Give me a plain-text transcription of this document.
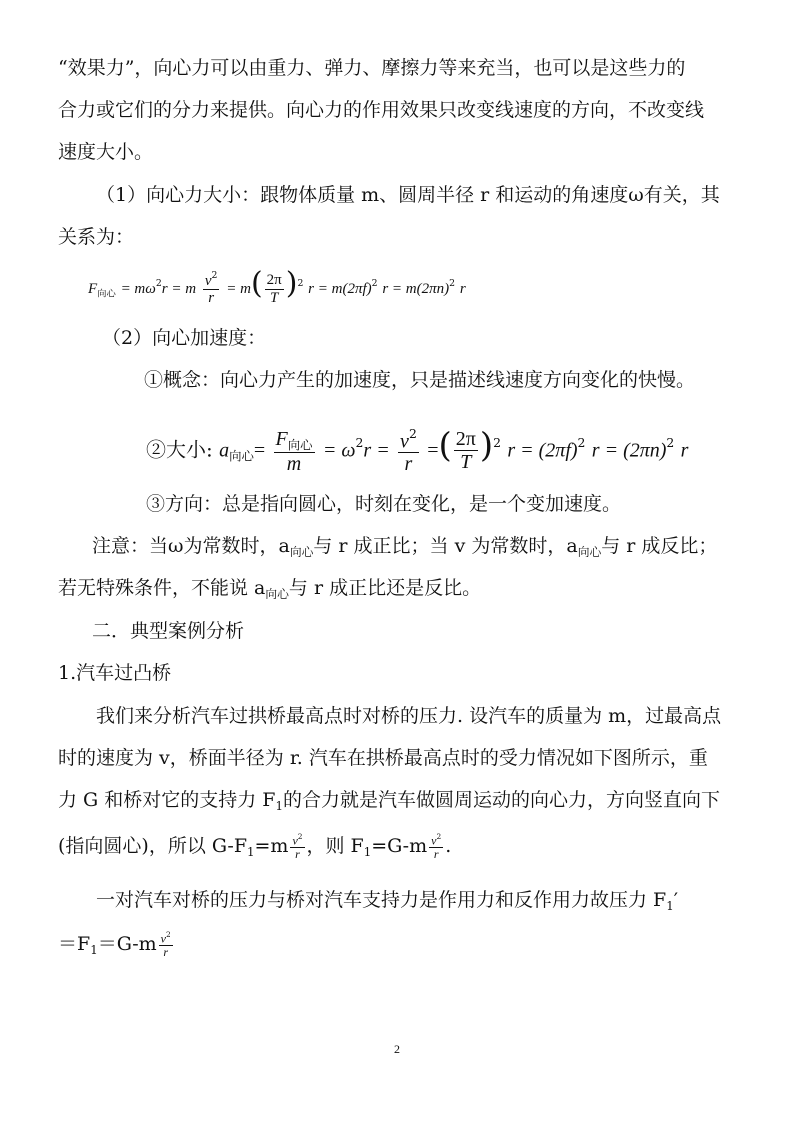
“效果力”，向心力可以由重力、弹力、摩擦力等来充当，也可以是这些力的
合力或它们的分力来提供。向心力的作用效果只改变线速度的方向，不改变线
速度大小。
（1）向心力大小：跟物体质量 m、圆周半径 r 和运动的角速度ω有关，其
关系为：
$F_{向心} = m\omega^2r = m \frac{v^2}{r} = m( \frac{2\pi}{T} )^2$ $r = m(2\pi f)^2$ $r = m(2\pi n)^2$ r
（2）向心加速度：
①概念：向心力产生的加速度，只是描述线速度方向变化的快慢。
②大小: $a_{向心}= \frac{F_{向心}}{m} = \omega^2r = \frac{v^2}{r}$ =( $\frac{2\pi}{T} )^2$ $r = (2\pi f)^2$ $r = (2\pi n)^2$ r
③方向：总是指向圆心，时刻在变化，是一个变加速度。
注意：当ω为常数时，$a_{向心}$与 r 成正比；当 v 为常数时，$a_{向心}$与 r 成反比；
若无特殊条件，不能说 $a_{向心}$与 r 成正比还是反比。
二．典型案例分析
1.汽车过凸桥
我们来分析汽车过拱桥最高点时对桥的压力. 设汽车的质量为 m，过最高点
时的速度为 v，桥面半径为 r. 汽车在拱桥最高点时的受力情况如下图所示，重
力 G 和桥对它的支持力 $F_1$的合力就是汽车做圆周运动的向心力，方向竖直向下
(指向圆心)，所以 $G-F_1=m \frac{v^2}{r}$ ，则 $F_1=G-m \frac{v^2}{r}$ .
一对汽车对桥的压力与桥对汽车支持力是作用力和反作用力故压力 $F_1'$
$=F_1=G-m \frac{v^2}{r}$
2
